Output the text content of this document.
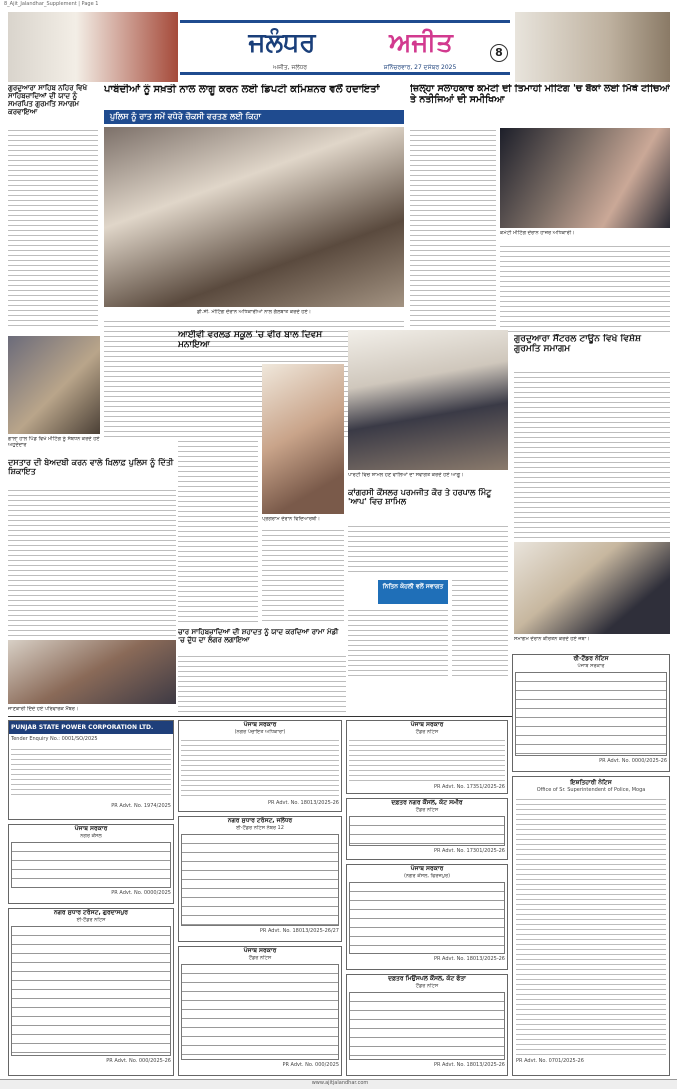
8_Ajit_Jalandhar_Supplement | Page 1
ਜਲੰਧਰ	ਅਜੀਤ
ਅਜੀਤ, ਜਲੰਧਰ	ਸ਼ਨਿੱਚਰਵਾਰ, 27 ਦਸੰਬਰ 2025
8
ਗੁਰਦੁਆਰਾ ਸਾਹਿਬ ਨਹਿਰ ਵਿਖੇ ਸਾਹਿਬਜ਼ਾਦਿਆਂ ਦੀ ਯਾਦ ਨੂੰ ਸਮਰਪਿਤ ਗੁਰਮਤਿ ਸਮਾਗਮ ਕਰਵਾਇਆ
ਗਾਲਾ ਹਾਲ ਪਿੰਡ ਵਿਖੇ ਮੀਟਿੰਗ ਨੂੰ ਸੰਬੋਧਨ ਕਰਦੇ ਹੋਏ ਅਹੁਦੇਦਾਰ
ਪਾਬੰਦੀਆਂ ਨੂੰ ਸਖ਼ਤੀ ਨਾਲ ਲਾਗੂ ਕਰਨ ਲਈ ਡਿਪਟੀ ਕਮਿਸ਼ਨਰ ਵਲੋਂ ਹਦਾਇਤਾਂ
ਪੁਲਿਸ ਨੂੰ ਰਾਤ ਸਮੇਂ ਵਧੇਰੇ ਚੌਕਸੀ ਵਰਤਣ ਲਈ ਕਿਹਾ
ਡੀ.ਸੀ. ਮੀਟਿੰਗ ਦੌਰਾਨ ਅਧਿਕਾਰੀਆਂ ਨਾਲ ਗੱਲਬਾਤ ਕਰਦੇ ਹੋਏ।
ਜ਼ਿਲ੍ਹਾ ਸਲਾਹਕਾਰ ਕਮੇਟੀ ਦੀ ਤਿਮਾਹੀ ਮੀਟਿੰਗ 'ਚ ਬੈਂਕਾਂ ਲਈ ਮਿੱਥੇ ਟੀਚਿਆਂ ਤੇ ਨਤੀਜਿਆਂ ਦੀ ਸਮੀਖਿਆ
ਕਮੇਟੀ ਮੀਟਿੰਗ ਦੌਰਾਨ ਹਾਜ਼ਰ ਅਧਿਕਾਰੀ।
ਆਈਵੀ ਵਰਲਡ ਸਕੂਲ 'ਚ ਵੀਰ ਬਾਲ ਦਿਵਸ ਮਨਾਇਆ
ਪ੍ਰੋਗਰਾਮ ਦੌਰਾਨ ਵਿਦਿਆਰਥੀ।
ਪਾਰਟੀ ਵਿਚ ਸ਼ਾਮਲ ਹੋਣ ਵਾਲਿਆਂ ਦਾ ਸਵਾਗਤ ਕਰਦੇ ਹੋਏ ਆਗੂ।
ਕਾਂਗਰਸੀ ਕੌਂਸਲਰ ਪਰਮਜੀਤ ਕੌਰ ਤੇ ਹਰਪਾਲ ਮਿੰਟੂ 'ਆਪ' ਵਿਚ ਸ਼ਾਮਿਲ
ਨਿਤਿਨ ਕੋਹਲੀ ਵਲੋਂ ਸਵਾਗਤ
ਗੁਰਦੁਆਰਾ ਸੈਂਟਰਲ ਟਾਊਨ ਵਿਖੇ ਵਿਸ਼ੇਸ਼ ਗੁਰਮਤਿ ਸਮਾਗਮ
ਸਮਾਗਮ ਦੌਰਾਨ ਕੀਰਤਨ ਕਰਦੇ ਹੋਏ ਜਥਾ।
ਦਸਤਾਰ ਦੀ ਬੇਅਦਬੀ ਕਰਨ ਵਾਲੇ ਖ਼ਿਲਾਫ਼ ਪੁਲਿਸ ਨੂੰ ਦਿੱਤੀ ਸ਼ਿਕਾਇਤ
ਜਾਣਕਾਰੀ ਦਿੰਦੇ ਹੋਏ ਪਰਿਵਾਰਕ ਮੈਂਬਰ।
ਚਾਰ ਸਾਹਿਬਜ਼ਾਦਿਆਂ ਦੀ ਸ਼ਹਾਦਤ ਨੂੰ ਯਾਦ ਕਰਦਿਆਂ ਰਾਮਾ ਮੰਡੀ 'ਚ ਦੁੱਧ ਦਾ ਲੰਗਰ ਲਗਾਇਆ
PUNJAB STATE POWER CORPORATION LTD.
Tender Enquiry No.: 0001/SO/2025
PR Advt. No. 1974/2025
ਪੰਜਾਬ ਸਰਕਾਰ
ਨਗਰ ਕੌਂਸਲ
PR Advt. No. 0000/2025
ਨਗਰ ਸੁਧਾਰ ਟਰੱਸਟ, ਗੁਰਦਾਸਪੁਰ
ਈ-ਟੈਂਡਰ ਨੋਟਿਸ
PR Advt. No. 000/2025-26
ਪੰਜਾਬ ਸਰਕਾਰ
(ਨਗਰ ਪੰਚਾਇਤ ਅਧਿਕਾਰਾ)
PR Advt. No. 18013/2025-26
ਨਗਰ ਸੁਧਾਰ ਟਰੱਸਟ, ਜਲੰਧਰ
ਈ-ਟੈਂਡਰ ਨੋਟਿਸ ਨੰਬਰ 12
PR Advt. No. 18013/2025-26/27
ਪੰਜਾਬ ਸਰਕਾਰ
ਟੈਂਡਰ ਨੋਟਿਸ
PR Advt. No. 000/2025
ਪੰਜਾਬ ਸਰਕਾਰ
ਟੈਂਡਰ ਨੋਟਿਸ
PR Advt. No. 17351/2025-26
ਦਫ਼ਤਰ ਨਗਰ ਕੌਂਸਲ, ਕੋਟ ਸਮੀਰ
ਟੈਂਡਰ ਨੋਟਿਸ
PR Advt. No. 17301/2025-26
ਪੰਜਾਬ ਸਰਕਾਰ
(ਨਗਰ ਕੌਂਸਲ, ਫਿਰੋਜ਼ਪੁਰ)
PR Advt. No. 18013/2025-26
ਦਫ਼ਤਰ ਮਿਉਂਸਪਲ ਕੌਂਸਲ, ਕੋਟ ਫੱਤਾ
ਟੈਂਡਰ ਨੋਟਿਸ
PR Advt. No. 18013/2025-26
ਰੀ-ਟੈਂਡਰ ਨੋਟਿਸ
ਪੰਜਾਬ ਸਰਕਾਰ
PR Advt. No. 0000/2025-26
ਇਸ਼ਤਿਹਾਰੀ ਨੋਟਿਸ
Office of Sr. Superintendent of Police, Moga
PR Advt. No. 0701/2025-26
www.ajitjalandhar.com
